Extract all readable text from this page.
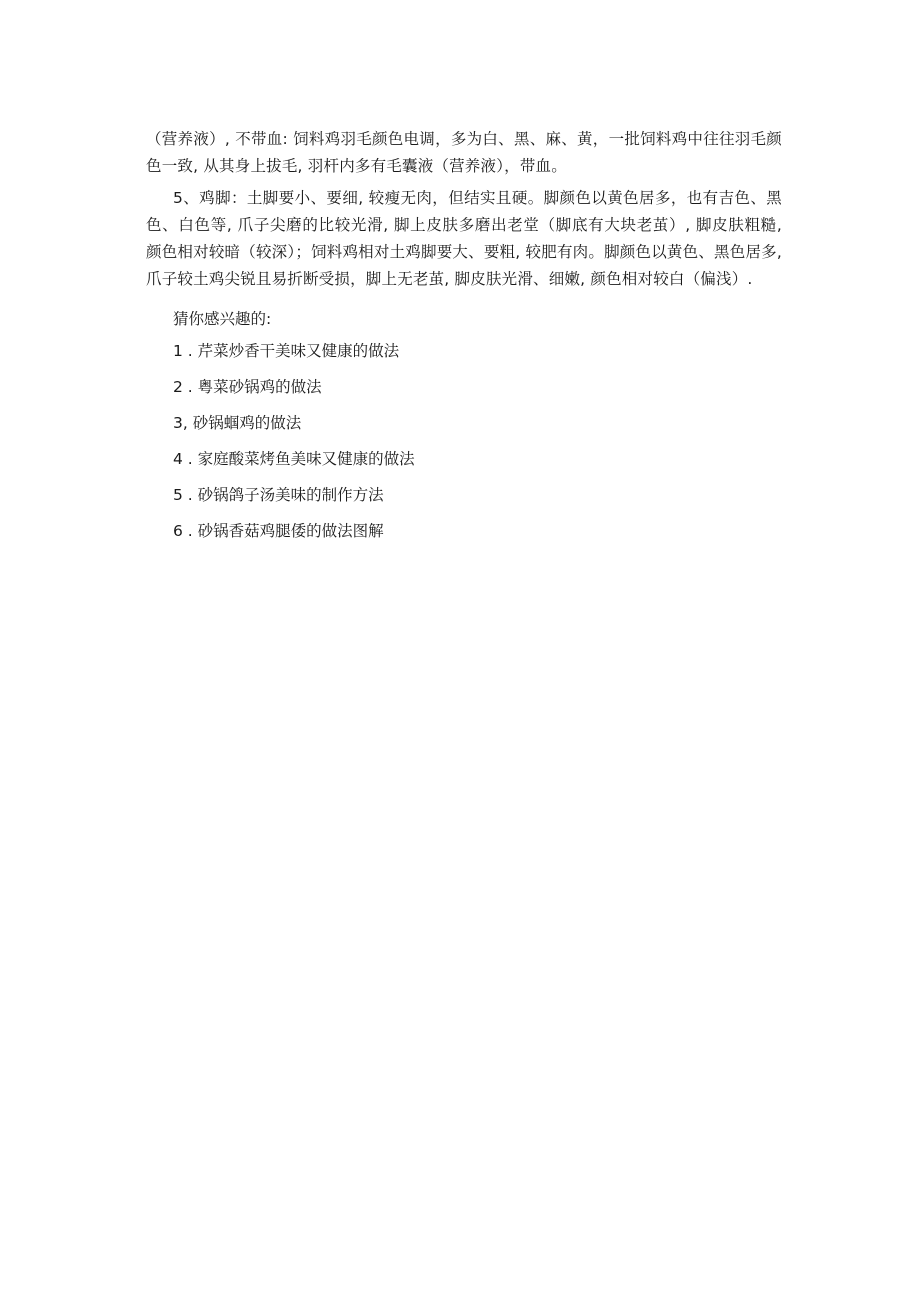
（营养液）, 不带血: 饲料鸡羽毛颜色电调，多为白、黑、麻、黄，一批饲料鸡中往往羽毛颜色一致, 从其身上拔毛, 羽杆内多有毛囊液（营养液），带血。

5、鸡脚：土脚要小、要细, 较瘦无肉，但结实且硬。脚颜色以黄色居多，也有吉色、黑色、白色等, 爪子尖磨的比较光滑, 脚上皮肤多磨出老堂（脚底有大块老茧）, 脚皮肤粗糙, 颜色相对较暗（较深）；饲料鸡相对土鸡脚要大、要粗, 较肥有肉。脚颜色以黄色、黑色居多, 爪子较土鸡尖锐且易折断受损，脚上无老茧, 脚皮肤光滑、细嫩, 颜色相对较白（偏浅）.

猜你感兴趣的:

1 . 芹菜炒香干美味又健康的做法
2 . 粤菜砂锅鸡的做法
3, 砂锅蝈鸡的做法
4 . 家庭酸菜烤鱼美味又健康的做法
5 . 砂锅鸽子汤美味的制作方法
6 . 砂锅香菇鸡腿倭的做法图解
